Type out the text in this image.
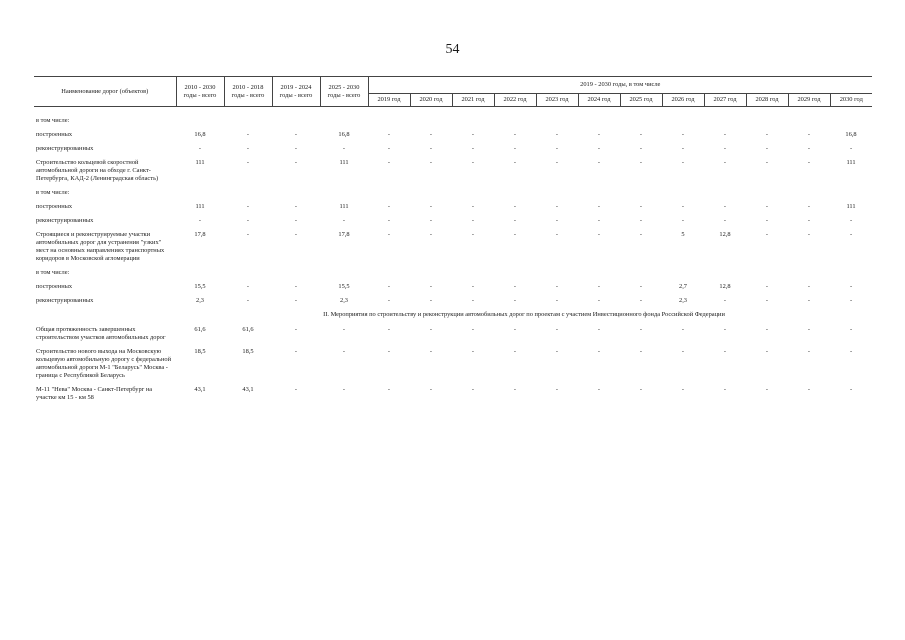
54
Наименование дорог (объектов)	2010 - 2030 годы - всего	2010 - 2018 годы - всего	2019 - 2024 годы - всего	2025 - 2030 годы - всего	2019 - 2030 годы, в том числе											
					2019 год	2020 год	2021 год	2022 год	2023 год	2024 год	2025 год	2026 год	2027 год	2028 год	2029 год	2030 год

в том числе:																
построенных	16,8	-	-	16,8	-	-	-	-	-	-	-	-	-	-	-	16,8
реконструированных	-	-	-	-	-	-	-	-	-	-	-	-	-	-	-	-
Строительство кольцевой скоростной автомобильной дороги на обходе г. Санкт-Петербурга, КАД-2 (Ленинградская область)	111	-	-	111	-	-	-	-	-	-	-	-	-	-	-	111
в том числе:																
построенных	111	-	-	111	-	-	-	-	-	-	-	-	-	-	-	111
реконструированных	-	-	-	-	-	-	-	-	-	-	-	-	-	-	-	-
Строящиеся и реконструируемые участки автомобильных дорог для устранения "узких" мест на основных направлениях транспортных коридоров в Московской агломерации	17,8	-	-	17,8	-	-	-	-	-	-	-	5	12,8	-	-	-
в том числе:																
построенных	15,5	-	-	15,5	-	-	-	-	-	-	-	2,7	12,8	-	-	-
реконструированных	2,3	-	-	2,3	-	-	-	-	-	-	-	2,3	-	-	-	-
	II. Мероприятия по строительству и реконструкции автомобильных дорог по проектам с участием Инвестиционного фонда Российской Федерации															
Общая протяженность завершенных строительством участков автомобильных дорог	61,6	61,6	-	-	-	-	-	-	-	-	-	-	-	-	-	-
Строительство нового выхода на Московскую кольцевую автомобильную дорогу с федеральной автомобильной дороги М-1 "Беларусь" Москва - граница с Республикой Беларусь	18,5	18,5	-	-	-	-	-	-	-	-	-	-	-	-	-	-
М-11 "Нева" Москва - Санкт-Петербург на участке км 15 - км 58	43,1	43,1	-	-	-	-	-	-	-	-	-	-	-	-	-	-
